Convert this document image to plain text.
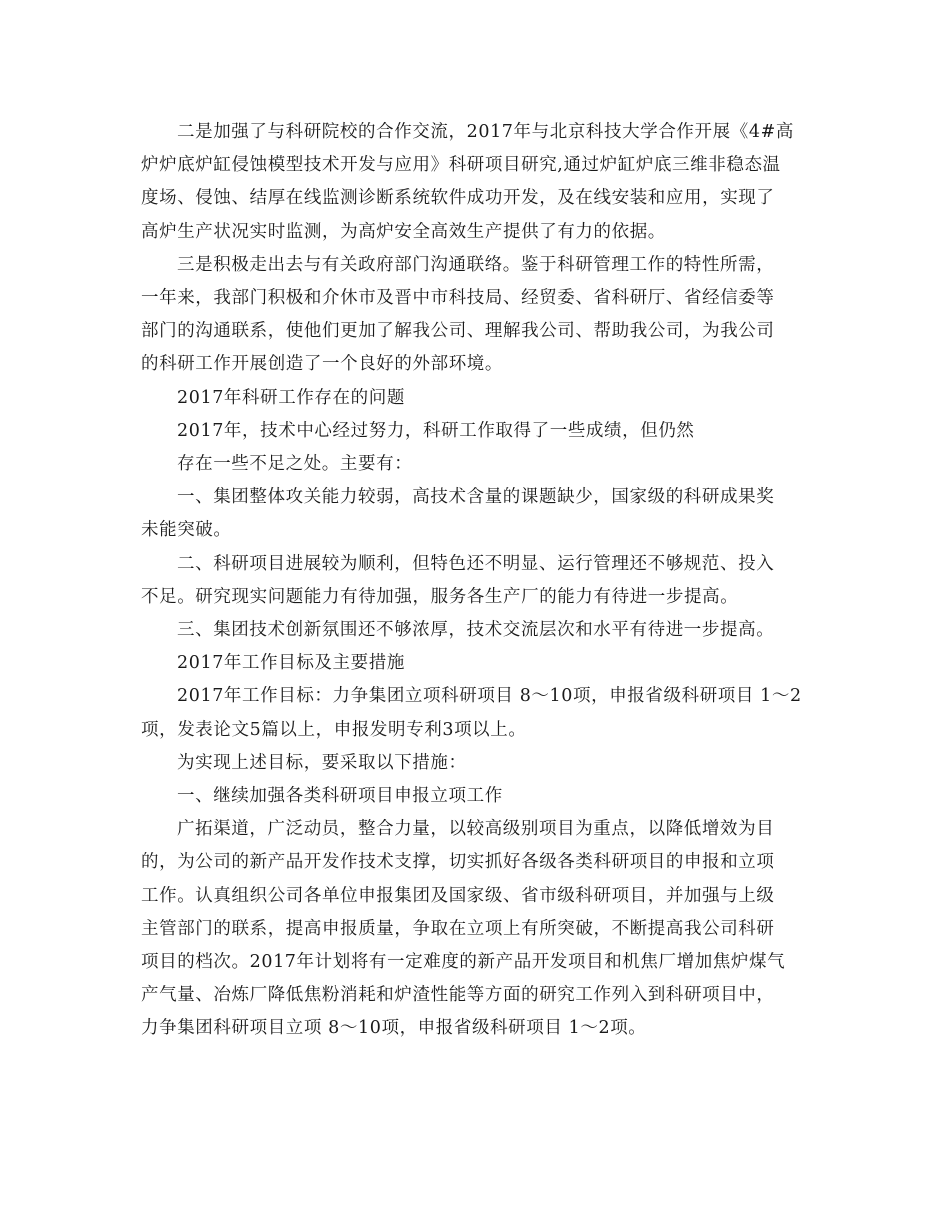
二是加强了与科研院校的合作交流，2017年与北京科技大学合作开展《4#高
炉炉底炉缸侵蚀模型技术开发与应用》科研项目研究,通过炉缸炉底三维非稳态温
度场、侵蚀、结厚在线监测诊断系统软件成功开发，及在线安装和应用，实现了
高炉生产状况实时监测，为高炉安全高效生产提供了有力的依据。

三是积极走出去与有关政府部门沟通联络。鉴于科研管理工作的特性所需，
一年来，我部门积极和介休市及晋中市科技局、经贸委、省科研厅、省经信委等
部门的沟通联系，使他们更加了解我公司、理解我公司、帮助我公司，为我公司
的科研工作开展创造了一个良好的外部环境。

2017年科研工作存在的问题

2017年，技术中心经过努力，科研工作取得了一些成绩，但仍然

存在一些不足之处。主要有：

一、集团整体攻关能力较弱，高技术含量的课题缺少，国家级的科研成果奖
未能突破。

二、科研项目进展较为顺利，但特色还不明显、运行管理还不够规范、投入
不足。研究现实问题能力有待加强，服务各生产厂的能力有待进一步提高。

三、集团技术创新氛围还不够浓厚，技术交流层次和水平有待进一步提高。

2017年工作目标及主要措施

2017年工作目标：力争集团立项科研项目 8～10项，申报省级科研项目 1～2
项，发表论文5篇以上，申报发明专利3项以上。

为实现上述目标，要采取以下措施：

一、继续加强各类科研项目申报立项工作

广拓渠道，广泛动员，整合力量，以较高级别项目为重点，以降低增效为目
的，为公司的新产品开发作技术支撑，切实抓好各级各类科研项目的申报和立项
工作。认真组织公司各单位申报集团及国家级、省市级科研项目，并加强与上级
主管部门的联系，提高申报质量，争取在立项上有所突破，不断提高我公司科研
项目的档次。2017年计划将有一定难度的新产品开发项目和机焦厂增加焦炉煤气
产气量、冶炼厂降低焦粉消耗和炉渣性能等方面的研究工作列入到科研项目中，
力争集团科研项目立项 8～10项，申报省级科研项目 1～2项。
